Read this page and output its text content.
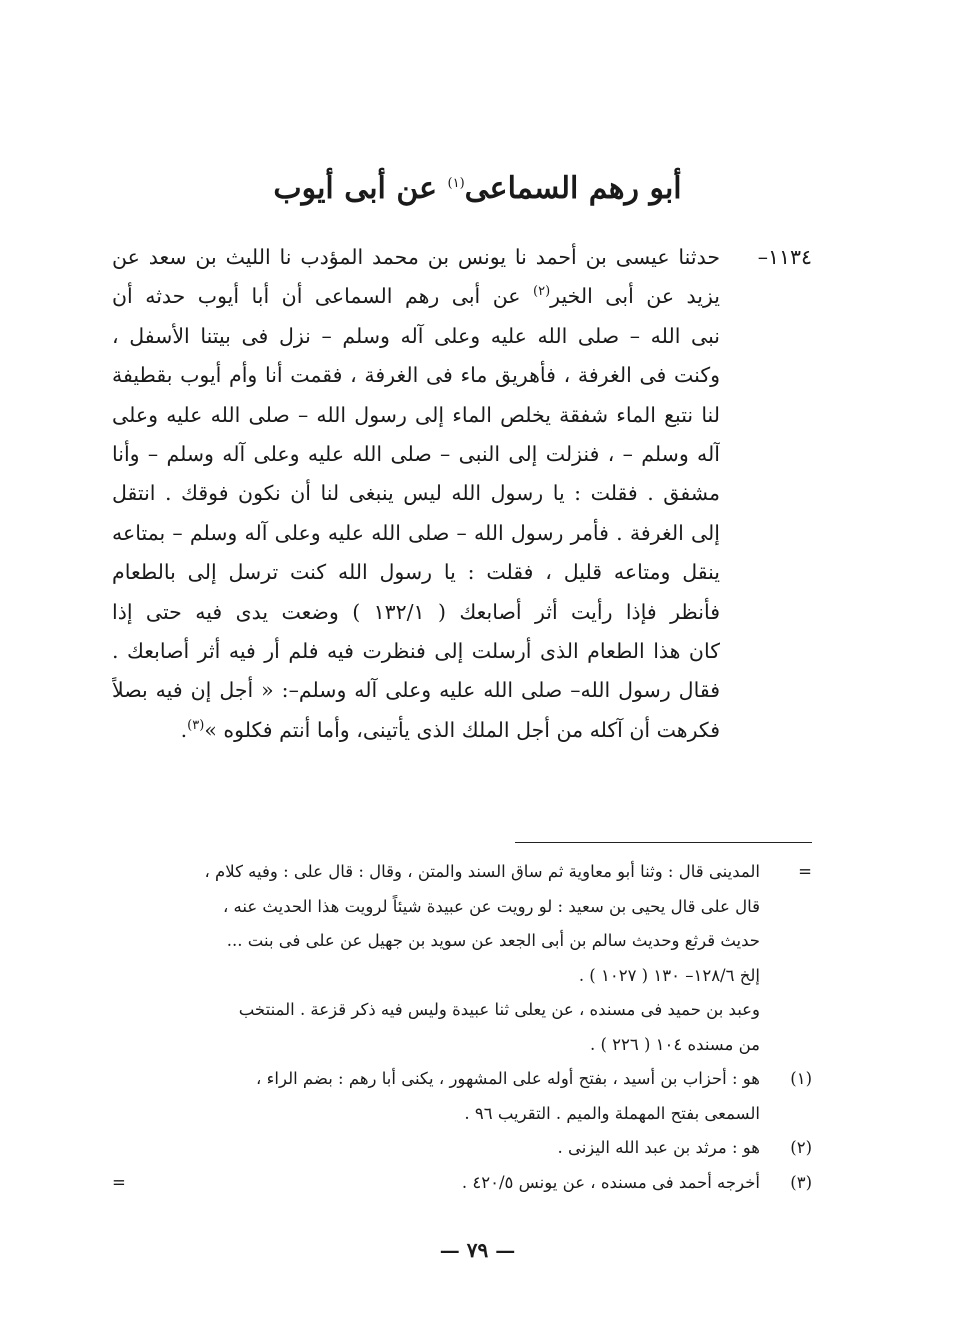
أبو رهم السماعى$^{(١)}$ عن أبى أيوب
١١٣٤–
حدثنا عيسى بن أحمد نا يونس بن محمد المؤدب نا الليث بن سعد عن
يزيد عن أبى الخير$^{(٢)}$ عن أبى رهم السماعى أن أبا أيوب حدثه أن
نبى الله – صلى الله عليه وعلى آله وسلم – نزل فى بيتنا الأسفل ،
وكنت فى الغرفة ، فأهريق ماء فى الغرفة ، فقمت أنا وأم أيوب بقطيفة
لنا نتبع الماء شفقة يخلص الماء إلى رسول الله – صلى الله عليه وعلى
آله وسلم – ، فنزلت إلى النبى – صلى الله عليه وعلى آله وسلم – وأنا
مشفق . فقلت : يا رسول الله ليس ينبغى لنا أن نكون فوقك . انتقل
إلى الغرفة . فأمر رسول الله – صلى الله عليه وعلى آله وسلم – بمتاعه
ينقل ومتاعه قليل ، فقلت : يا رسول الله كنت ترسل إلى بالطعام
فأنظر فإذا رأيت أثر أصابعك ( ١٣٢/١ ) وضعت يدى فيه حتى إذا
كان هذا الطعام الذى أرسلت إلى فنظرت فيه فلم أر فيه أثر أصابعك .
فقال رسول الله– صلى الله عليه وعلى آله وسلم–: « أجل إن فيه بصلاً
فكرهت أن آكله من أجل الملك الذى يأتينى، وأما أنتم فكلوه »$^{(٣)}$.
=
المدينى قال : وثنا أبو معاوية ثم ساق السند والمتن ، وقال : قال على : وفيه كلام ،
قال على قال يحيى بن سعيد : لو رويت عن عبيدة شيئاً لرويت هذا الحديث عنه ،
حديث قرثع وحديث سالم بن أبى الجعد عن سويد بن جهيل عن على فى بنت ...
إلخ ١٢٨/٦– ١٣٠ ( ١٠٢٧ ) .
وعبد بن حميد فى مسنده ، عن يعلى ثنا عبيدة وليس فيه ذكر قزعة . المنتخب
من مسنده ١٠٤ ( ٢٢٦ ) .
(١)
هو : أحزاب بن أسيد ، بفتح أوله على المشهور ، يكنى أبا رهم : بضم الراء ،
السمعى بفتح المهملة والميم . التقريب ٩٦ .
(٢)
هو : مرثد بن عبد الله اليزنى .
(٣)
أخرجه أحمد فى مسنده ، عن يونس ٤٢٠/٥ .
=
— ٧٩ —
